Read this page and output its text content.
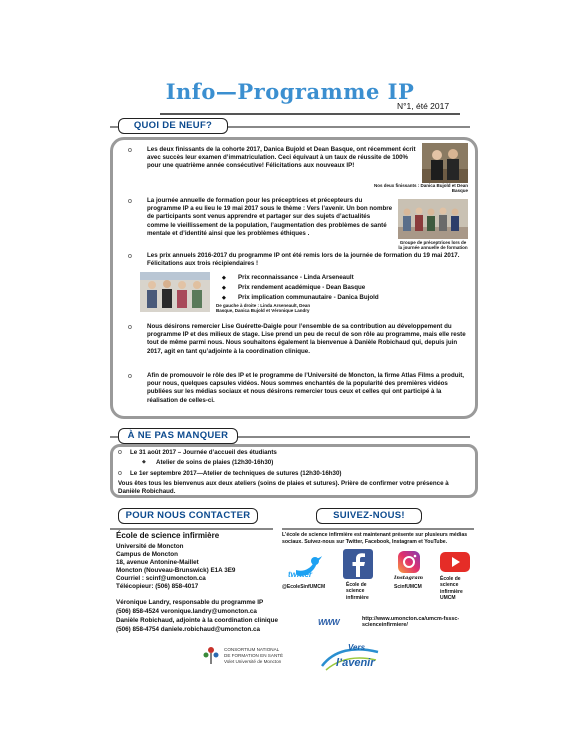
Info—Programme IP
N°1, été 2017
QUOI DE NEUF?
o Les deux finissants de la cohorte 2017, Danica Bujold et Dean Basque, ont récemment écrit avec succès leur examen d’immatriculation. Ceci équivaut à un taux de réussite de 100% pour une quatrième année consécutive! Félicitations aux nouveaux IP!
Nos deux finissants : Danica Bujold et Dean Basque
o La journée annuelle de formation pour les préceptrices et précepteurs du programme IP a eu lieu le 19 mai 2017 sous le thème : Vers l’avenir. Un bon nombre de participants sont venus apprendre et partager sur des sujets d’actualités comme le vieillissement de la population, l’augmentation des problèmes de santé mentale et d’identité ainsi que les problèmes éthiques .
Groupe de préceptrices lors de la journée annuelle de formation
o Les prix annuels 2016-2017 du programme IP ont été remis lors de la journée de formation du 19 mai 2017. Félicitations aux trois récipiendaires !
◆ Prix reconnaissance - Linda Arseneault
◆ Prix rendement académique - Dean Basque
◆ Prix implication communautaire - Danica Bujold
De gauche à droite : Linda Arseneault, Dean Basque, Danica Bujold et Véronique Landry
o Nous désirons remercier Lise Guérette-Daigle pour l’ensemble de sa contribution au développement du programme IP et des milieux de stage. Lise prend un peu de recul de son rôle au programme, mais elle reste tout de même parmi nous. Nous souhaitons également la bienvenue à Danièle Robichaud qui, depuis juin 2017, agit en tant qu’adjointe à la coordination clinique.
o Afin de promouvoir le rôle des IP et le programme de l’Université de Moncton, la firme Atlas Films a produit, pour nous, quelques capsules vidéos. Nous sommes enchantés de la popularité des premières vidéos publiées sur les médias sociaux et nous désirons remercier tous ceux et celles qui ont participé à la réalisation de celles-ci.
À NE PAS MANQUER
o Le 31 août 2017 – Journée d’accueil des étudiants
◆ Atelier de soins de plaies (12h30-16h30)
o Le 1er septembre 2017—Atelier de techniques de sutures (12h30-16h30)
Vous êtes tous les bienvenus aux deux ateliers (soins de plaies et sutures). Prière de confirmer votre présence à Danièle Robichaud.
POUR NOUS CONTACTER
École de science infirmière
Université de Moncton
Campus de Moncton
18, avenue Antonine-Maillet
Moncton (Nouveau-Brunswick) E1A 3E9
Courriel : scinf@umoncton.ca
Télécopieur: (506) 858-4017
Véronique Landry, responsable du programme IP
(506) 858-4524 veronique.landry@umoncton.ca
Danièle Robichaud, adjointe à la coordination clinique
(506) 858-4754 daniele.robichaud@umoncton.ca
SUIVEZ-NOUS!
L’école de science infirmière est maintenant présente sur plusieurs médias sociaux. Suivez-nous sur Twitter, Facebook, Instagram et YouTube.
twitter
@EcoleSinfUMCM	École de science infirmière
Instagram
ScinfUMCM
École de science infirmière UMCM
WWW	http://www.umoncton.ca/umcm-fsssc-scienceinfirmiere/
CONSORTIUM NATIONAL
DE FORMATION EN SANTÉ
Volet Université de Moncton
Vers
l’avenir
